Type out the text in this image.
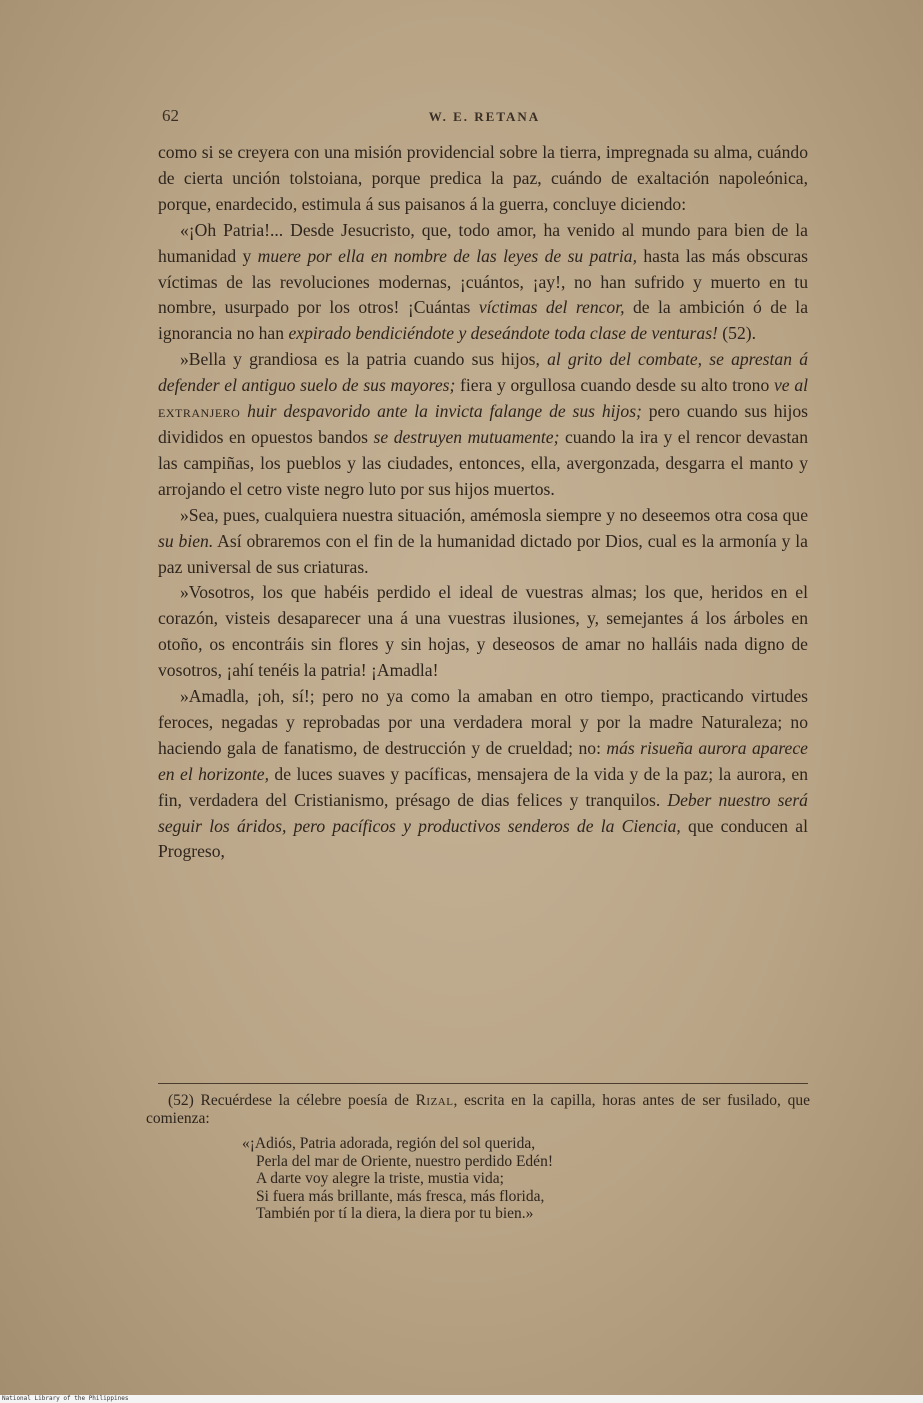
62	W. E. RETANA

como si se creyera con una misión providencial sobre la tierra, impregnada su alma, cuándo de cierta unción tolstoiana, porque predica la paz, cuándo de exaltación napoleónica, porque, enardecido, estimula á sus paisanos á la guerra, concluye diciendo:

«¡Oh Patria!... Desde Jesucristo, que, todo amor, ha venido al mundo para bien de la humanidad y muere por ella en nombre de las leyes de su patria, hasta las más obscuras víctimas de las revoluciones modernas, ¡cuántos, ¡ay!, no han sufrido y muerto en tu nombre, usurpado por los otros! ¡Cuántas víctimas del rencor, de la ambición ó de la ignorancia no han expirado bendiciéndote y deseándote toda clase de venturas! (52).

»Bella y grandiosa es la patria cuando sus hijos, al grito del combate, se aprestan á defender el antiguo suelo de sus mayores; fiera y orgullosa cuando desde su alto trono ve al extranjero huir despavorido ante la invicta falange de sus hijos; pero cuando sus hijos divididos en opuestos bandos se destruyen mutuamente; cuando la ira y el rencor devastan las campiñas, los pueblos y las ciudades, entonces, ella, avergonzada, desgarra el manto y arrojando el cetro viste negro luto por sus hijos muertos.

»Sea, pues, cualquiera nuestra situación, amémosla siempre y no deseemos otra cosa que su bien. Así obraremos con el fin de la humanidad dictado por Dios, cual es la armonía y la paz universal de sus criaturas.

»Vosotros, los que habéis perdido el ideal de vuestras almas; los que, heridos en el corazón, visteis desaparecer una á una vuestras ilusiones, y, semejantes á los árboles en otoño, os encontráis sin flores y sin hojas, y deseosos de amar no halláis nada digno de vosotros, ¡ahí tenéis la patria! ¡Amadla!

»Amadla, ¡oh, sí!; pero no ya como la amaban en otro tiempo, practicando virtudes feroces, negadas y reprobadas por una verdadera moral y por la madre Naturaleza; no haciendo gala de fanatismo, de destrucción y de crueldad; no: más risueña aurora aparece en el horizonte, de luces suaves y pacíficas, mensajera de la vida y de la paz; la aurora, en fin, verdadera del Cristianismo, présago de dias felices y tranquilos. Deber nuestro será seguir los áridos, pero pacíficos y productivos senderos de la Ciencia, que conducen al Progreso,

(52) Recuérdese la célebre poesía de Rizal, escrita en la capilla, horas antes de ser fusilado, que comienza:

«¡Adiós, Patria adorada, región del sol querida,
Perla del mar de Oriente, nuestro perdido Edén!
A darte voy alegre la triste, mustia vida;
Si fuera más brillante, más fresca, más florida,
También por tí la diera, la diera por tu bien.»
National Library of the Philippines
